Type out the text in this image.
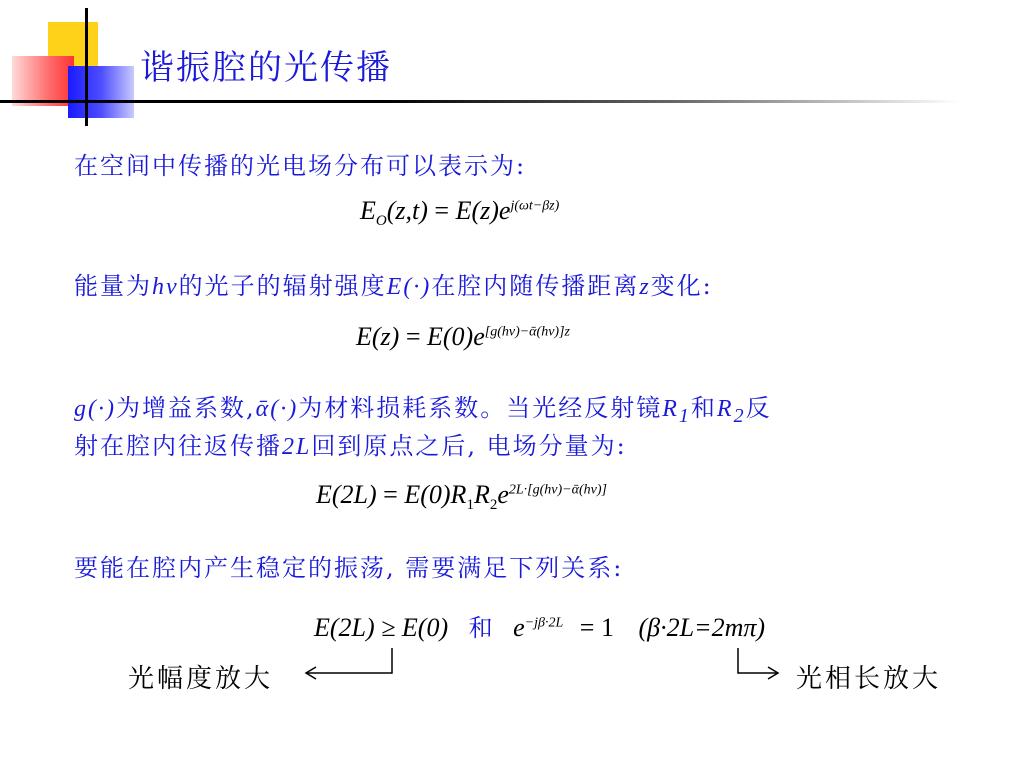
谐振腔的光传播
在空间中传播的光电场分布可以表示为:
$E_O(z,t) = E(z)e^{j(\omega t-\beta z)}$
能量为hν的光子的辐射强度E(·)在腔内随传播距离z变化:
$E(z) = E(0)e^{[g(h\nu)-ᾱ(h\nu)]z}$
g(·)为增益系数,ᾱ(·)为材料损耗系数。当光经反射镜$R_1$和$R_2$反
射在腔内往返传播2L回到原点之后, 电场分量为:
$E(2L) = E(0)R_1R_2e^{2L\cdot[g(h\nu)-ᾱ(h\nu)]}$
要能在腔内产生稳定的振荡, 需要满足下列关系:
E(2L) ≥ E(0) 和 $e^{-j\beta\cdot 2L} = 1$ (β·2L=2mπ)
光幅度放大	光相长放大
